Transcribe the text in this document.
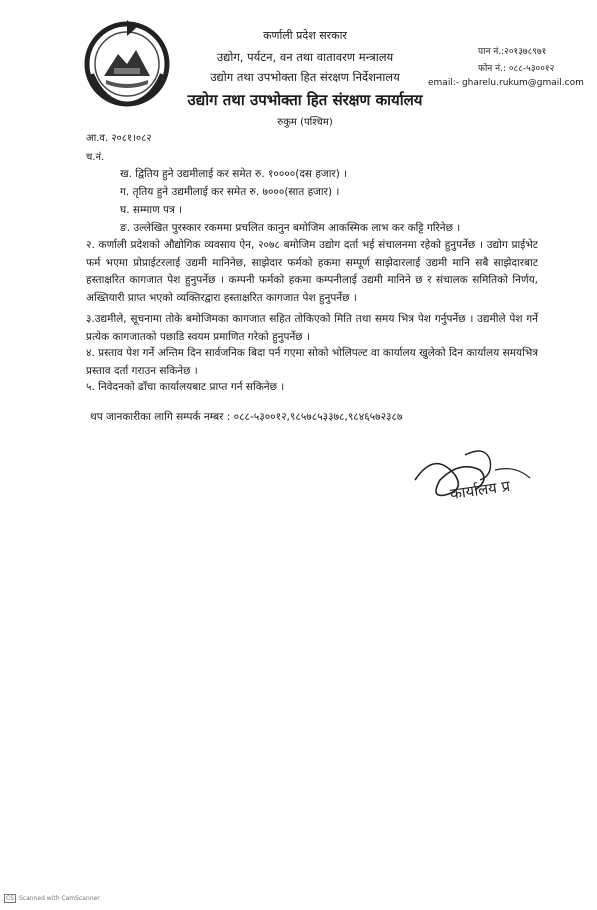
कर्णाली प्रदेश सरकार
उद्योग, पर्यटन, वन तथा वातावरण मन्त्रालय
उद्योग तथा उपभोक्ता हित संरक्षण निर्देशनालय
उद्योग तथा उपभोक्ता हित संरक्षण कार्यालय
रुकुम (पश्चिम)
पान नं.:२०१३७८९७१
फोन नं.: ०८८-५३००१२
email:- gharelu.rukum@gmail.com
आ.व. २०८१।०८२
च.नं.
ख. द्वितिय हुने उद्यमीलाई कर समेत रु. १००००(दस हजार) ।
ग. तृतिय हुने उद्यमीलाई कर समेत रु. ७०००(सात हजार) ।
घ. सम्माण पत्र ।
ङ. उल्लेखित पुरस्कार रकममा प्रचलित कानुन बमोजिम आकस्मिक लाभ कर कट्टि गरिनेछ ।
२. कर्णाली प्रदेशको औद्योगिक व्यवसाय ऐन, २०७८ बमोजिम उद्योग दर्ता भई संचालनमा रहेको हुनुपर्नेछ । उद्योग प्राईभेट फर्म भएमा प्रोप्राईटरलाई उद्यमी मानिनेछ, साझेदार फर्मको हकमा सम्पूर्ण साझेदारलाई उद्यमी मानि सबै साझेदारबाट हस्ताक्षरित कागजात पेश हुनुपर्नेछ । कम्पनी फर्मको हकमा कम्पनीलाई उद्यमी मानिने छ र संचालक समितिको निर्णय, अख्तियारी प्राप्त भएको व्यक्तिरद्वारा हस्ताक्षरित कागजात पेश हुनुपर्नेछ ।
३.उद्यमीले, सूचनामा तोके बमोजिमका कागजात सहित तोकिएको मिति तथा समय भित्र पेश गर्नुपर्नेछ । उद्यमीले पेश गर्ने प्रत्येक कागजातको पछाडि स्वयम प्रमाणित गरेको हुनुपर्नेछ ।
४. प्रस्ताव पेश गर्ने अन्तिम दिन सार्वजनिक बिदा पर्न गएमा सोको भोलिपल्ट वा कार्यालय खुलेको दिन कार्यालय समयभित्र प्रस्ताव दर्ता गराउन सकिनेछ ।
५. निवेदनको ढाँचा कार्यालयबाट प्राप्त गर्न सकिनेछ ।
थप जानकारीका लागि सम्पर्क नम्बर : ०८८-५३००१२,९८५७८५३३७८,९८४६५७२३८७
कार्यालय प्र
CS Scanned with CamScanner
